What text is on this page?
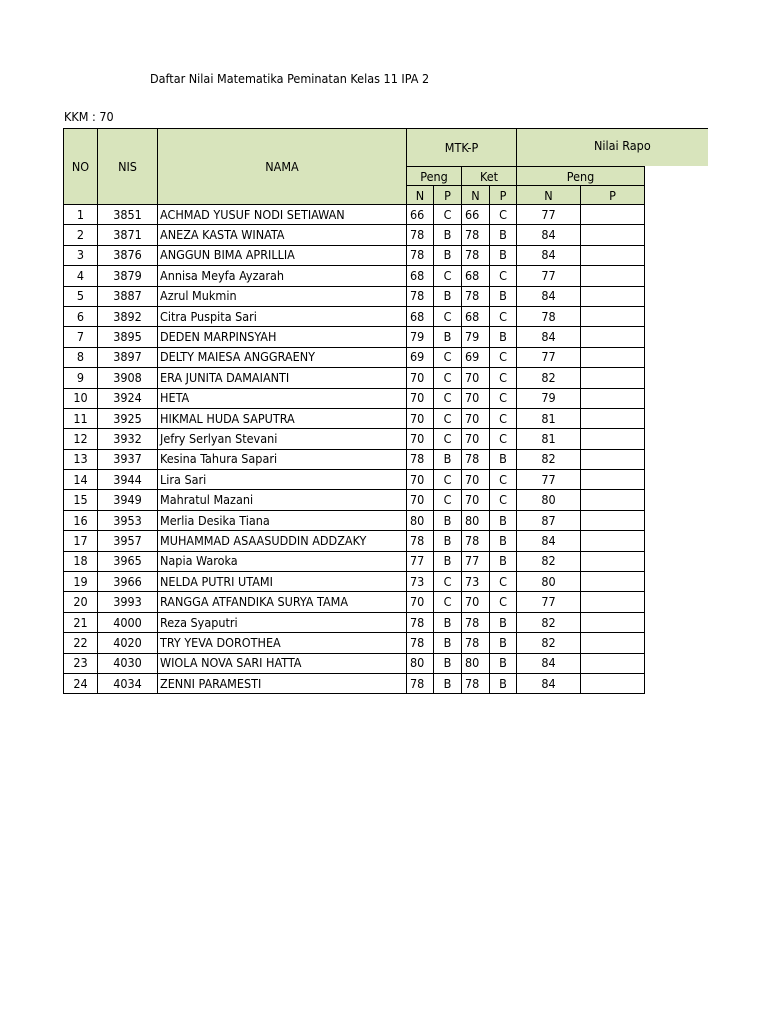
Daftar Nilai Matematika Peminatan Kelas 11 IPA 2
KKM : 70
NO	NIS	NAMA
MTK-P	Nilai Rapo
Peng	Ket	Peng
N	P	N	P	N	P
1	3851	ACHMAD YUSUF NODI SETIAWAN	66	C	66	C	77	
2	3871	ANEZA KASTA WINATA	78	B	78	B	84	
3	3876	ANGGUN BIMA APRILLIA	78	B	78	B	84	
4	3879	Annisa Meyfa Ayzarah	68	C	68	C	77	
5	3887	Azrul Mukmin	78	B	78	B	84	
6	3892	Citra Puspita Sari	68	C	68	C	78	
7	3895	DEDEN MARPINSYAH	79	B	79	B	84	
8	3897	DELTY MAIESA ANGGRAENY	69	C	69	C	77	
9	3908	ERA JUNITA DAMAIANTI	70	C	70	C	82	
10	3924	HETA	70	C	70	C	79	
11	3925	HIKMAL HUDA SAPUTRA	70	C	70	C	81	
12	3932	Jefry Serlyan Stevani	70	C	70	C	81	
13	3937	Kesina Tahura Sapari	78	B	78	B	82	
14	3944	Lira Sari	70	C	70	C	77	
15	3949	Mahratul Mazani	70	C	70	C	80	
16	3953	Merlia Desika Tiana	80	B	80	B	87	
17	3957	MUHAMMAD ASAASUDDIN ADDZAKY	78	B	78	B	84	
18	3965	Napia Waroka	77	B	77	B	82	
19	3966	NELDA PUTRI UTAMI	73	C	73	C	80	
20	3993	RANGGA ATFANDIKA SURYA TAMA	70	C	70	C	77	
21	4000	Reza Syaputri	78	B	78	B	82	
22	4020	TRY YEVA DOROTHEA	78	B	78	B	82	
23	4030	WIOLA NOVA SARI HATTA	80	B	80	B	84	
24	4034	ZENNI PARAMESTI	78	B	78	B	84	
